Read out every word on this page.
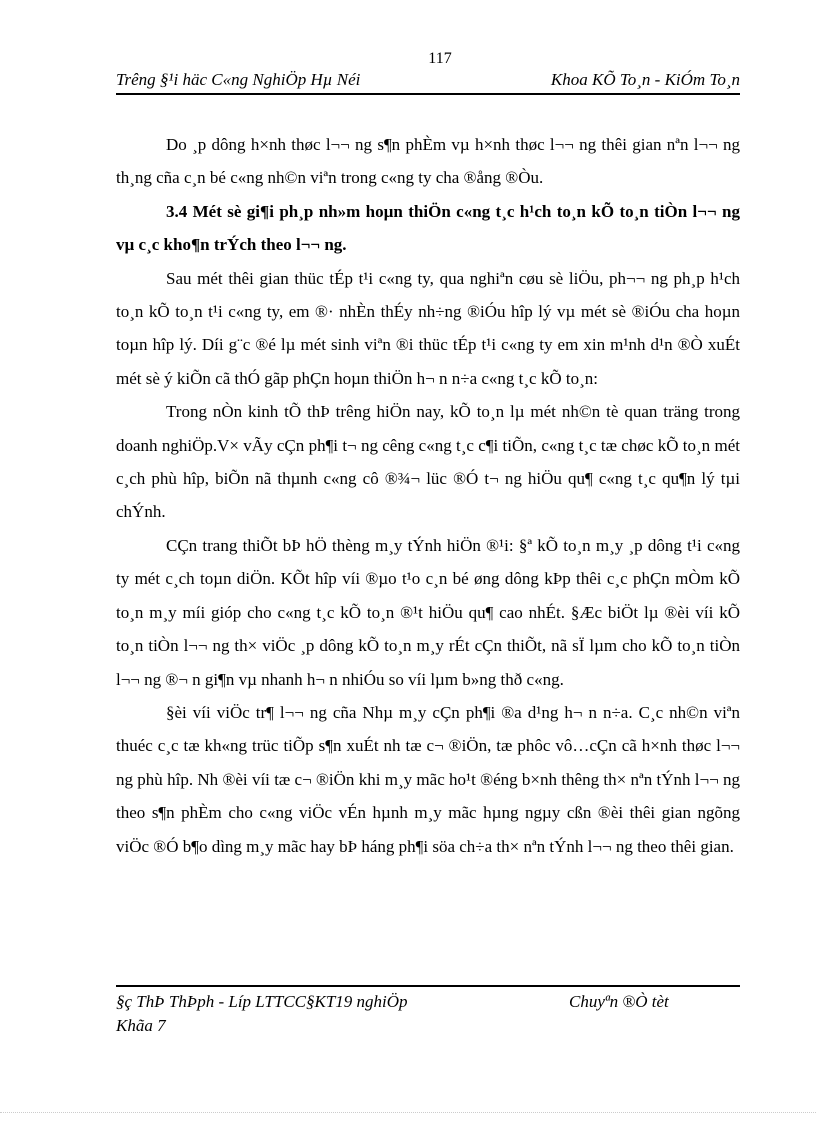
117
Trêng §¹i häc C«ng NghiÖp Hµ Néi	Khoa KÕ To¸n - KiÓm To¸n

Do ¸p dông h×nh thøc l¬¬ ng s¶n phÈm vµ h×nh thøc l¬¬ ng thêi gian nªn l¬¬ ng th¸ng cña c¸n bé c«ng nh©n viªn trong c«ng ty cha ®ång ®Òu.

3.4 Mét sè gi¶i ph¸p nh»m hoµn thiÖn c«ng t¸c h¹ch to¸n kÕ to¸n tiÒn l¬¬ ng vµ c¸c kho¶n trÝch theo l¬¬ ng.

Sau mét thêi gian thüc tÉp t¹i c«ng ty, qua nghiªn cøu sè liÖu, ph¬¬ ng ph¸p h¹ch to¸n kÕ to¸n t¹i c«ng ty, em ®· nhÈn thÉy nh÷ng ®iÓu hîp lý vµ mét sè ®iÓu cha hoµn toµn hîp lý. Díi g¨c ®é lµ mét sinh viªn ®i thüc tÉp t¹i c«ng ty em xin m¹nh d¹n ®Ò xuÉt mét sè ý kiÕn cã thÓ gãp phÇn hoµn thiÖn h¬ n n÷a c«ng t¸c kÕ to¸n:

Trong nÒn kinh tÕ thÞ trêng hiÖn nay, kÕ to¸n lµ mét nh©n tè quan träng trong doanh nghiÖp.V× vÃy cÇn ph¶i t¬ ng cêng c«ng t¸c c¶i tiÕn, c«ng t¸c tæ chøc kÕ to¸n mét c¸ch phù hîp, biÕn nã thµnh c«ng cô ®¾¬ lüc ®Ó t¬ ng hiÖu qu¶ c«ng t¸c qu¶n lý tµi chÝnh.

CÇn trang thiÕt bÞ hÖ thèng m¸y tÝnh hiÖn ®¹i: §ª kÕ to¸n m¸y ¸p dông t¹i c«ng ty mét c¸ch toµn diÖn. KÕt hîp víi ®µo t¹o c¸n bé øng dông kÞp thêi c¸c phÇn mÒm kÕ to¸n m¸y míi gióp cho c«ng t¸c kÕ to¸n ®¹t hiÖu qu¶ cao nhÉt. §Æc biÖt lµ ®èi víi kÕ to¸n tiÒn l¬¬ ng th× viÖc ¸p dông kÕ to¸n m¸y rÉt cÇn thiÕt, nã sÏ lµm cho kÕ to¸n tiÒn l¬¬ ng ®¬ n gi¶n vµ nhanh h¬ n nhiÓu so víi lµm b»ng thð c«ng.

§èi víi viÖc tr¶ l¬¬ ng cña Nhµ m¸y cÇn ph¶i ®a d¹ng h¬ n n÷a. C¸c nh©n viªn thuéc c¸c tæ kh«ng trüc tiÕp s¶n xuÉt nh tæ c¬ ®iÖn, tæ phôc vô…cÇn cã h×nh thøc l¬¬ ng phù hîp. Nh ®èi víi tæ c¬ ®iÖn khi m¸y mãc ho¹t ®éng b×nh thêng th× nªn tÝnh l¬¬ ng theo s¶n phÈm cho c«ng viÖc vÉn hµnh m¸y mãc hµng ngµy cßn ®èi thêi gian ngõng viÖc ®Ó b¶o dìng m¸y mãc hay bÞ háng ph¶i söa ch÷a th× nªn tÝnh l¬¬ ng theo thêi gian.

§ç ThÞ ThÞph - Líp LTTCC§KT19 nghiÖp
Khãa 7
Chuyªn ®Ò tèt
